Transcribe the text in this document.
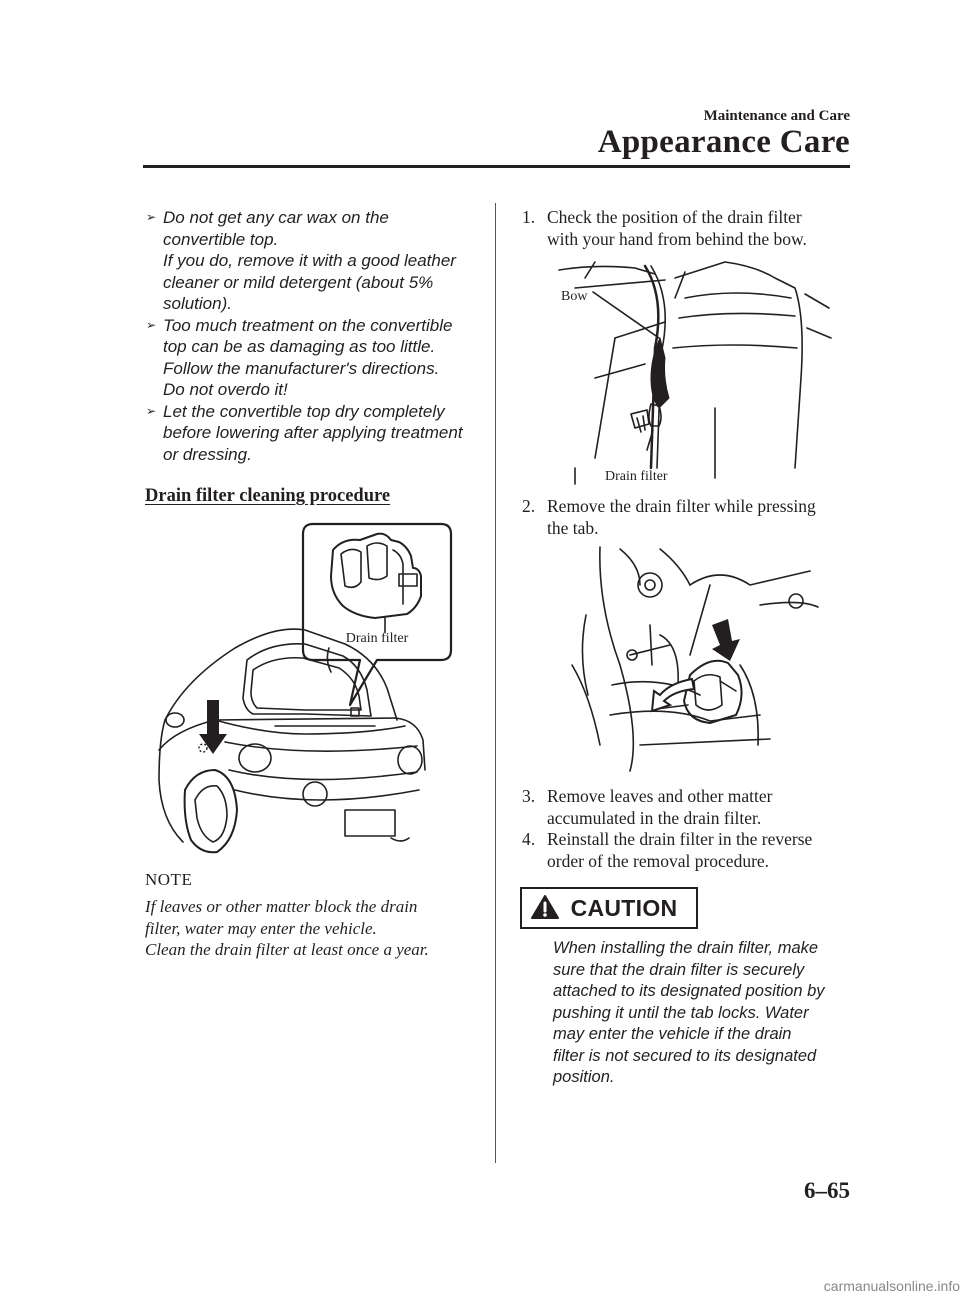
Maintenance and Care
Appearance Care
➢ Do not get any car wax on the
convertible top.
If you do, remove it with a good leather
cleaner or mild detergent (about 5%
solution).
➢ Too much treatment on the convertible
top can be as damaging as too little.
Follow the manufacturer's directions.
Do not overdo it!
➢ Let the convertible top dry completely
before lowering after applying treatment
or dressing.
Drain filter cleaning procedure
Drain filter
NOTE
If leaves or other matter block the drain
filter, water may enter the vehicle.
Clean the drain filter at least once a year.
1. Check the position of the drain filter
with your hand from behind the bow.
Bow
Drain filter
2. Remove the drain filter while pressing
the tab.
3. Remove leaves and other matter
accumulated in the drain filter.
4. Reinstall the drain filter in the reverse
order of the removal procedure.
CAUTION
When installing the drain filter, make
sure that the drain filter is securely
attached to its designated position by
pushing it until the tab locks. Water
may enter the vehicle if the drain
filter is not secured to its designated
position.
6–65
carmanualsonline.info
